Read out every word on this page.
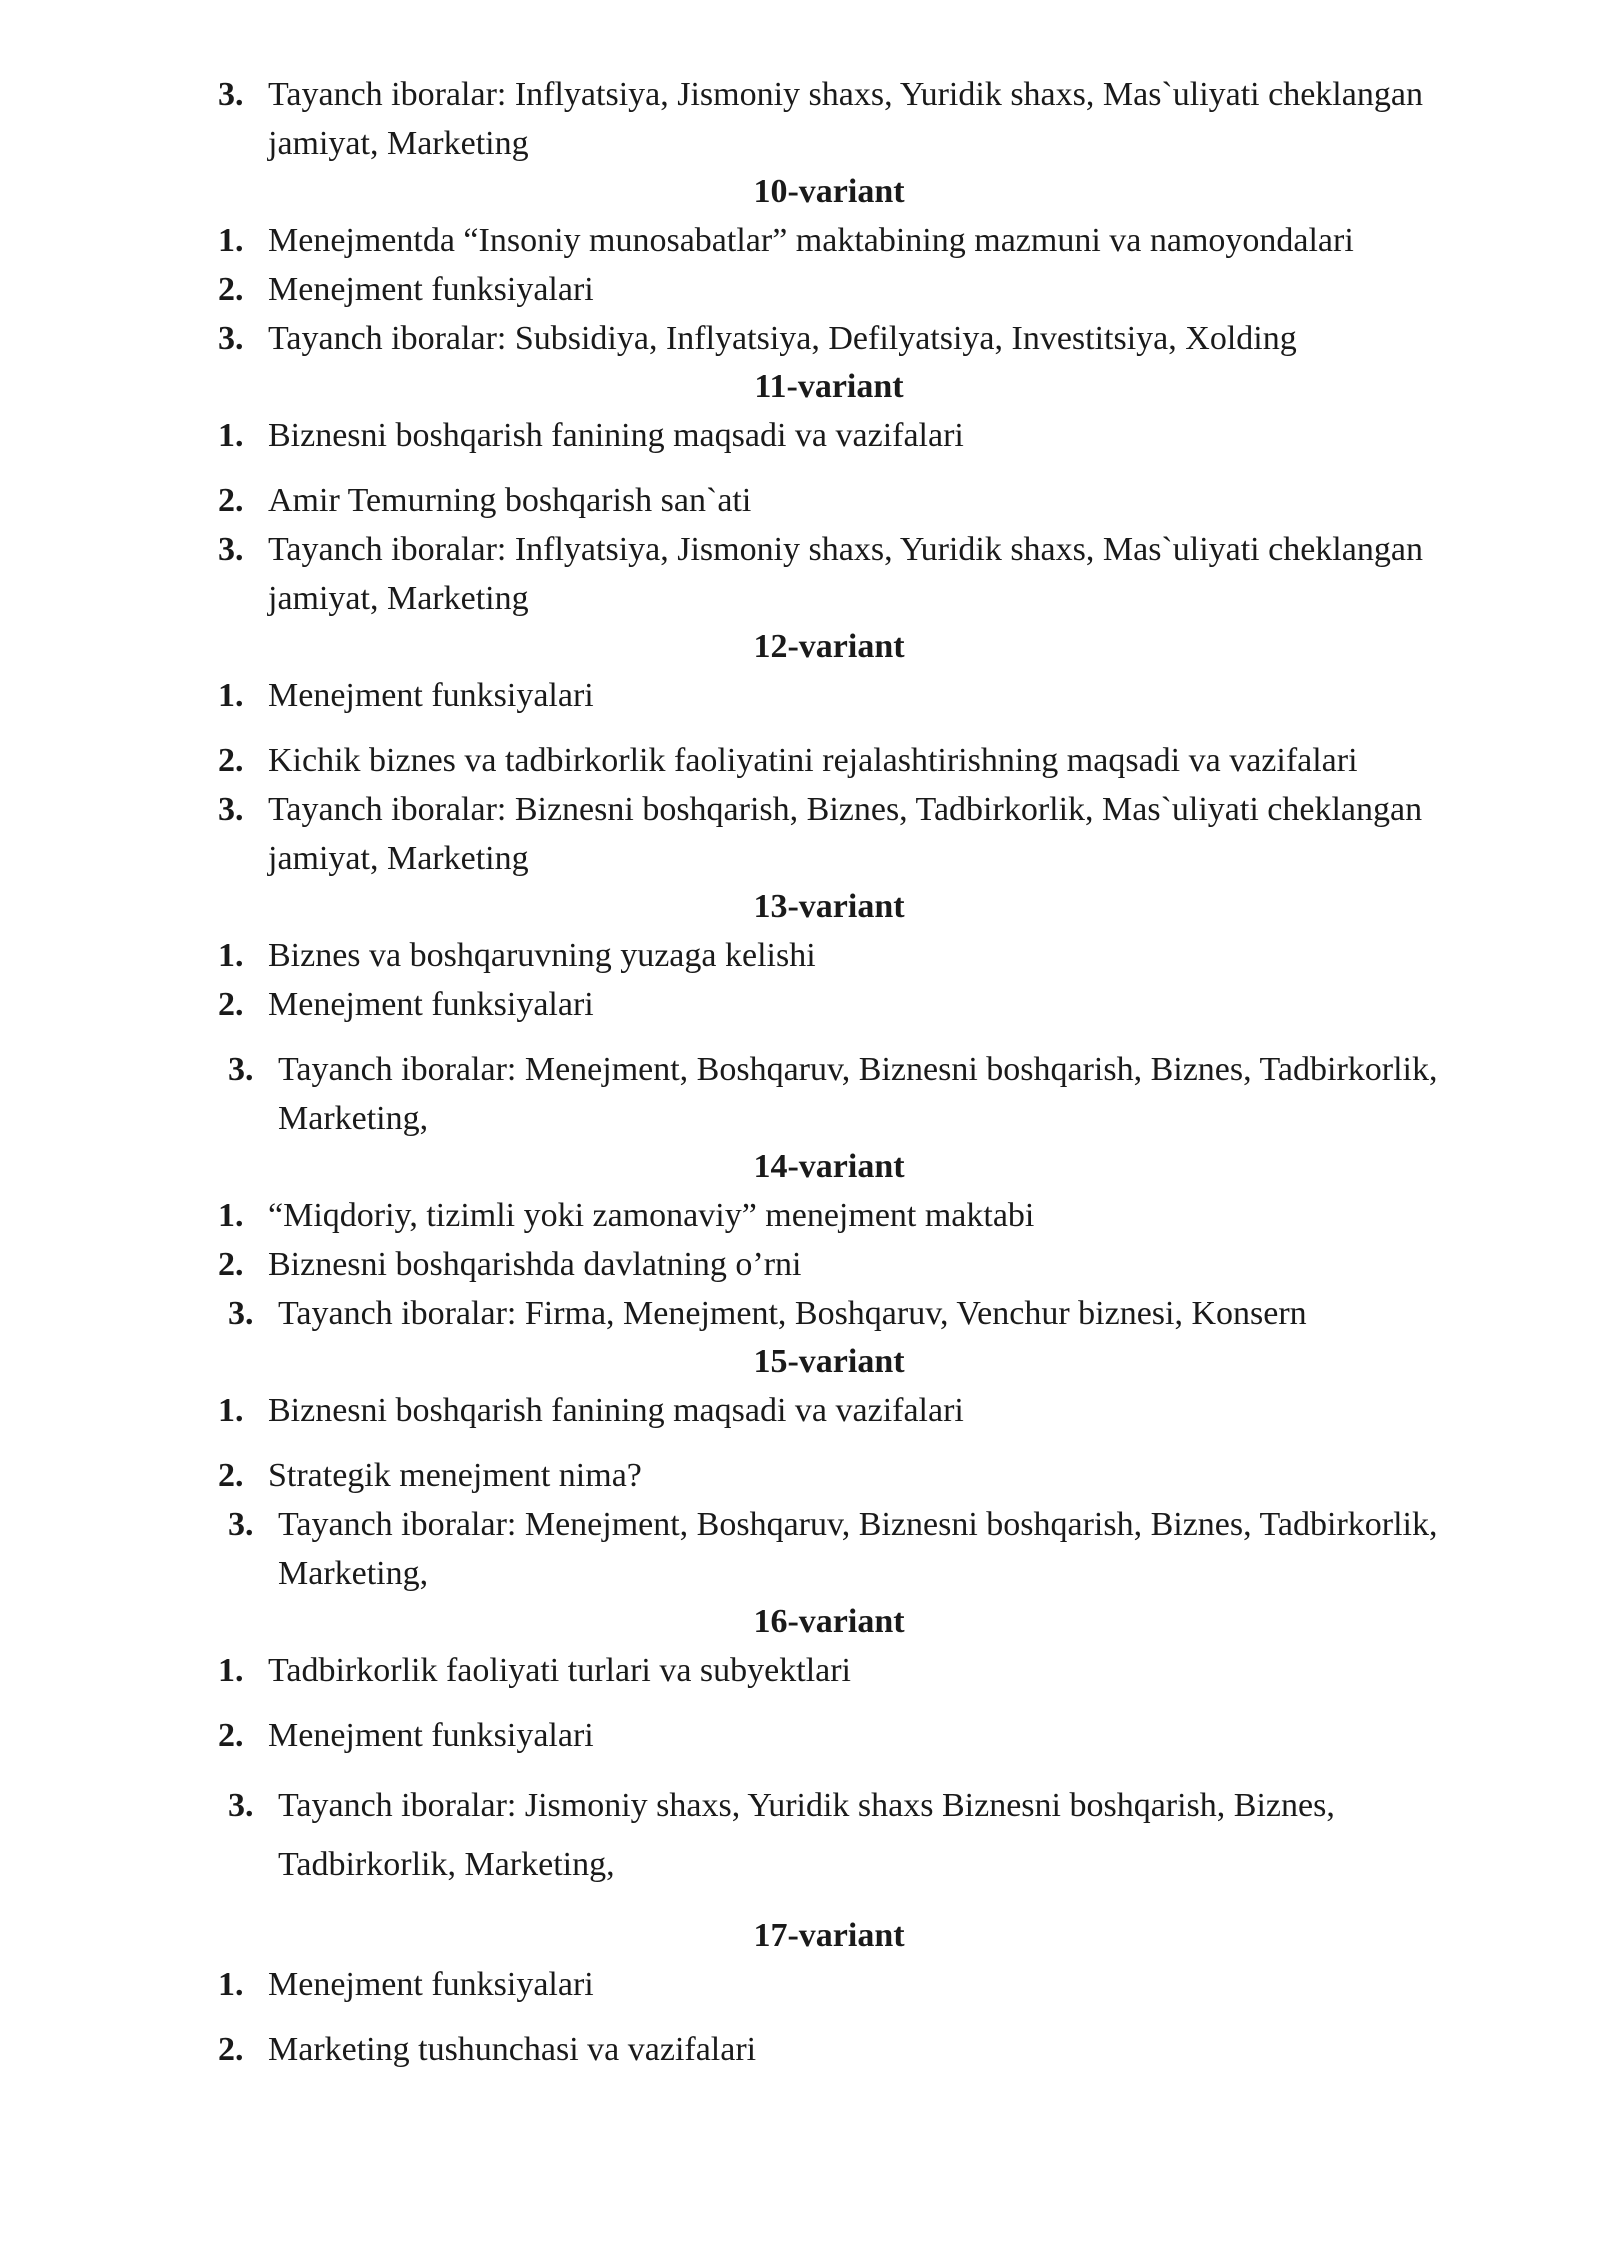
3. Tayanch iboralar: Inflyatsiya, Jismoniy shaxs, Yuridik shaxs, Mas`uliyati cheklangan jamiyat, Marketing
10-variant
1. Menejmentda “Insoniy munosabatlar” maktabining mazmuni va namoyondalari
2. Menejment funksiyalari
3. Tayanch iboralar: Subsidiya, Inflyatsiya, Defilyatsiya, Investitsiya, Xolding
11-variant
1. Biznesni boshqarish fanining maqsadi va vazifalari
2. Amir Temurning boshqarish san`ati
3. Tayanch iboralar: Inflyatsiya, Jismoniy shaxs, Yuridik shaxs, Mas`uliyati cheklangan jamiyat, Marketing
12-variant
1. Menejment funksiyalari
2. Kichik biznes va tadbirkorlik faoliyatini rejalashtirishning maqsadi va vazifalari
3. Tayanch iboralar: Biznesni boshqarish, Biznes, Tadbirkorlik, Mas`uliyati cheklangan jamiyat, Marketing
13-variant
1. Biznes va boshqaruvning yuzaga kelishi
2. Menejment funksiyalari
3. Tayanch iboralar: Menejment, Boshqaruv, Biznesni boshqarish, Biznes, Tadbirkorlik, Marketing,
14-variant
1. “Miqdoriy, tizimli yoki zamonaviy” menejment maktabi
2. Biznesni boshqarishda davlatning o’rni
3. Tayanch iboralar: Firma, Menejment, Boshqaruv, Venchur biznesi, Konsern
15-variant
1. Biznesni boshqarish fanining maqsadi va vazifalari
2. Strategik menejment nima?
3. Tayanch iboralar: Menejment, Boshqaruv, Biznesni boshqarish, Biznes, Tadbirkorlik, Marketing,
16-variant
1. Tadbirkorlik faoliyati turlari va subyektlari
2. Menejment funksiyalari
3. Tayanch iboralar: Jismoniy shaxs, Yuridik shaxs Biznesni boshqarish, Biznes, Tadbirkorlik, Marketing,
17-variant
1. Menejment funksiyalari
2. Marketing tushunchasi va vazifalari
